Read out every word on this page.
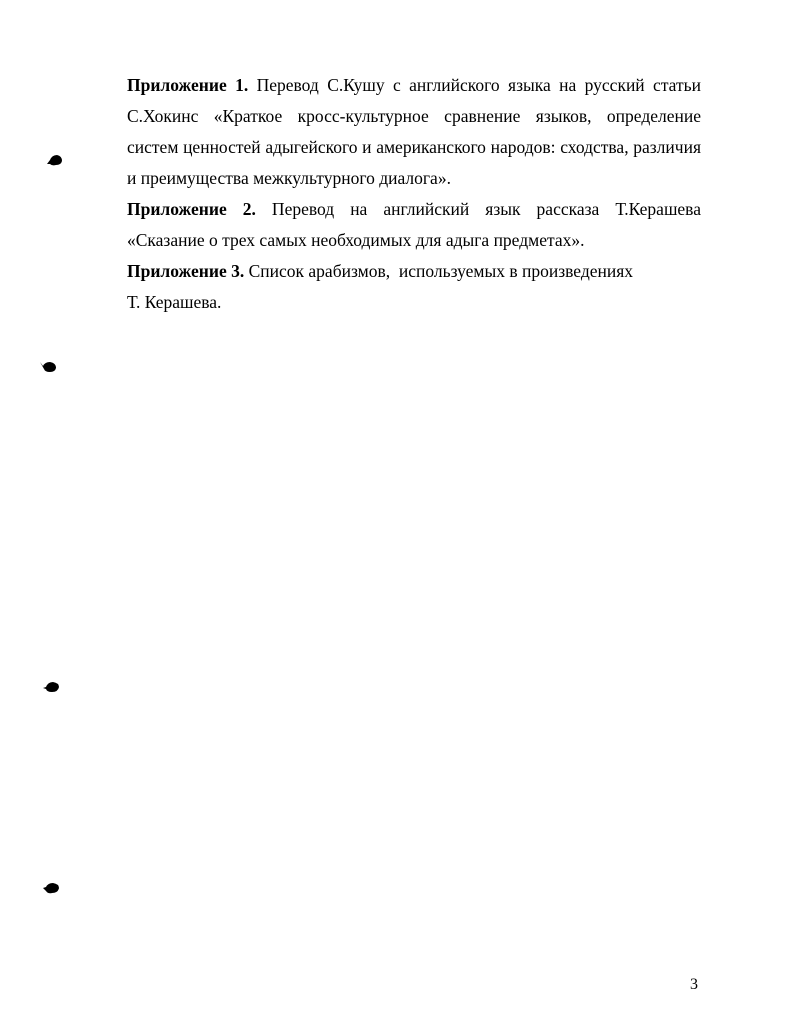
Приложение 1. Перевод С.Кушу с английского языка на русский статьи С.Хокинс «Краткое кросс-культурное сравнение языков, определение систем ценностей адыгейского и американского народов: сходства, различия и преимущества межкультурного диалога».

Приложение 2. Перевод на английский язык рассказа Т.Керашева «Сказание о трех самых необходимых для адыга предметах».

Приложение 3. Список арабизмов,  используемых в произведениях

Т. Керашева.

3
